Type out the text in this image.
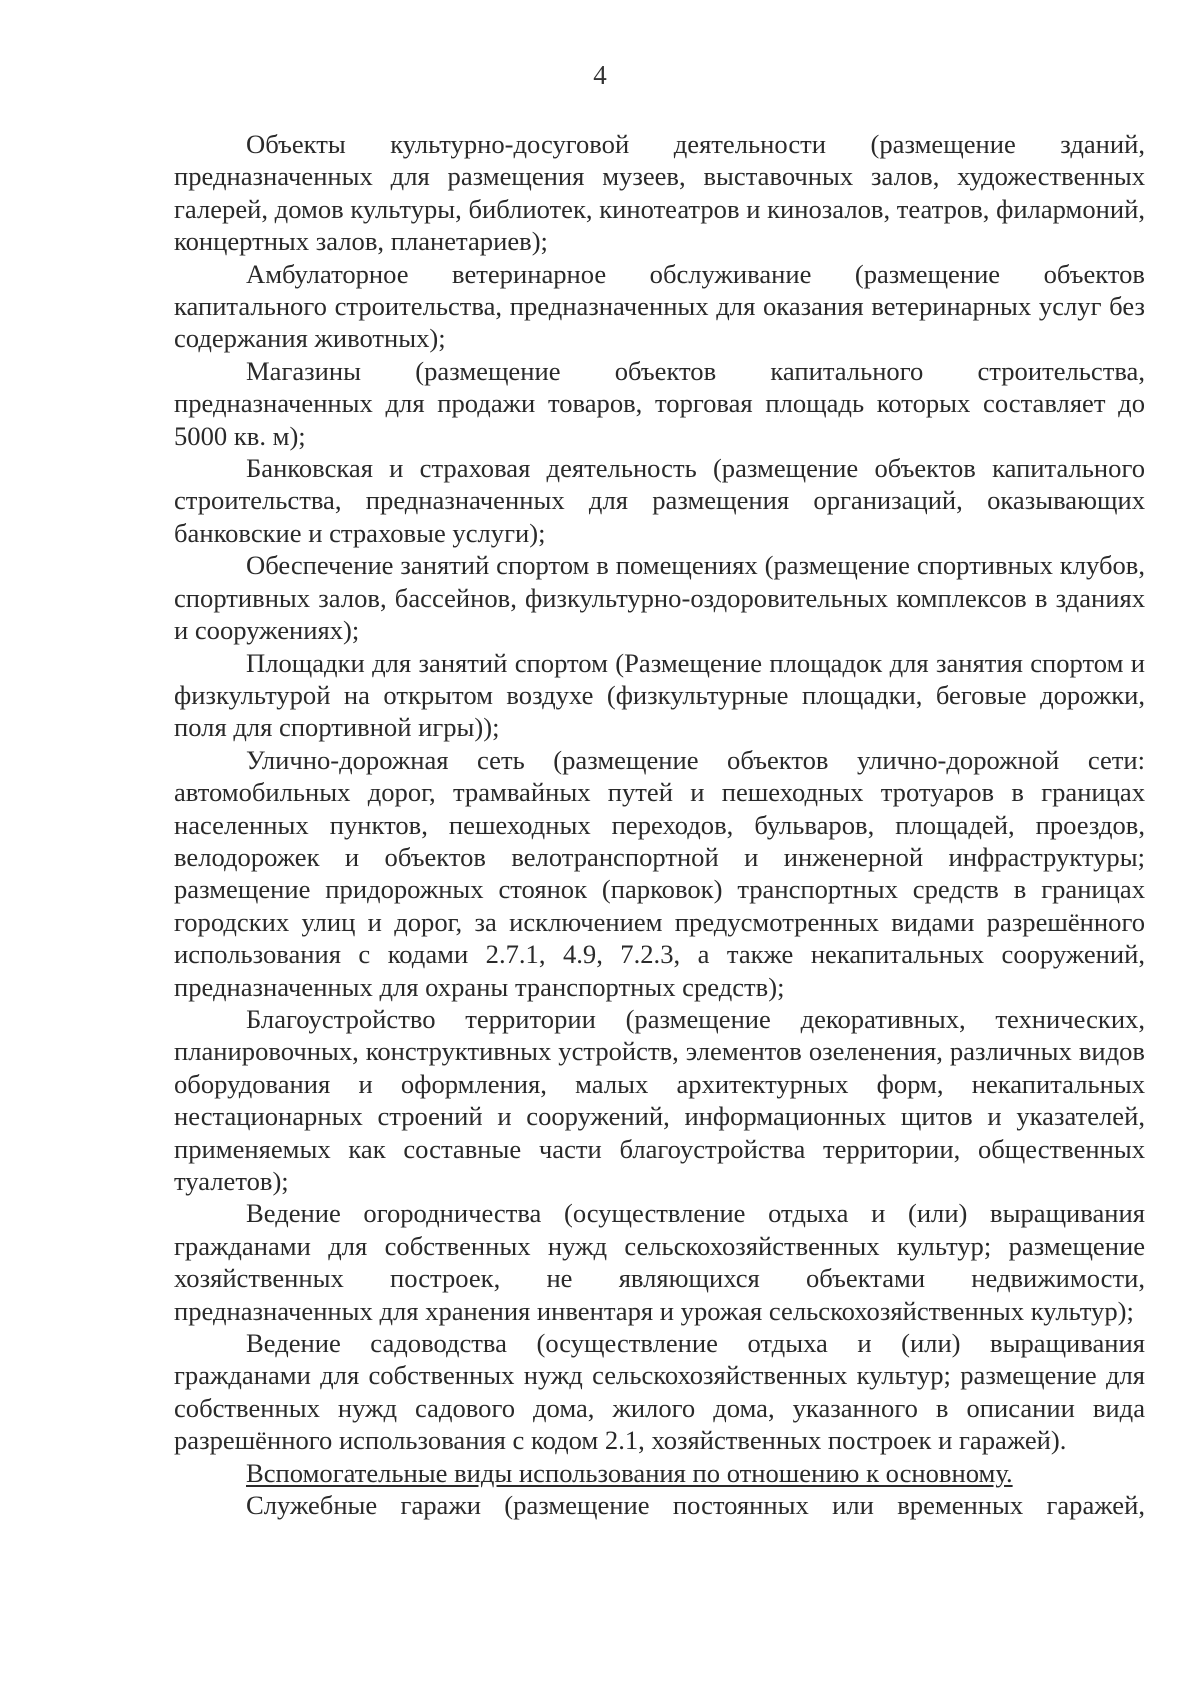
4

Объекты культурно-досуговой деятельности (размещение зданий, предназначенных для размещения музеев, выставочных залов, художественных галерей, домов культуры, библиотек, кинотеатров и кинозалов, театров, филармоний, концертных залов, планетариев);

Амбулаторное ветеринарное обслуживание (размещение объектов капитального строительства, предназначенных для оказания ветеринарных услуг без содержания животных);

Магазины (размещение объектов капитального строительства, предназначенных для продажи товаров, торговая площадь которых составляет до 5000 кв. м);

Банковская и страховая деятельность (размещение объектов капитального строительства, предназначенных для размещения организаций, оказывающих банковские и страховые услуги);

Обеспечение занятий спортом в помещениях (размещение спортивных клубов, спортивных залов, бассейнов, физкультурно-оздоровительных комплексов в зданиях и сооружениях);

Площадки для занятий спортом (Размещение площадок для занятия спортом и физкультурой на открытом воздухе (физкультурные площадки, беговые дорожки, поля для спортивной игры));

Улично-дорожная сеть (размещение объектов улично-дорожной сети: автомобильных дорог, трамвайных путей и пешеходных тротуаров в границах населенных пунктов, пешеходных переходов, бульваров, площадей, проездов, велодорожек и объектов велотранспортной и инженерной инфраструктуры; размещение придорожных стоянок (парковок) транспортных средств в границах городских улиц и дорог, за исключением предусмотренных видами разрешённого использования с кодами 2.7.1, 4.9, 7.2.3, а также некапитальных сооружений, предназначенных для охраны транспортных средств);

Благоустройство территории (размещение декоративных, технических, планировочных, конструктивных устройств, элементов озеленения, различных видов оборудования и оформления, малых архитектурных форм, некапитальных нестационарных строений и сооружений, информационных щитов и указателей, применяемых как составные части благоустройства территории, общественных туалетов);

Ведение огородничества (осуществление отдыха и (или) выращивания гражданами для собственных нужд сельскохозяйственных культур; размещение хозяйственных построек, не являющихся объектами недвижимости, предназначенных для хранения инвентаря и урожая сельскохозяйственных культур);

Ведение садоводства (осуществление отдыха и (или) выращивания гражданами для собственных нужд сельскохозяйственных культур; размещение для собственных нужд садового дома, жилого дома, указанного в описании вида разрешённого использования с кодом 2.1, хозяйственных построек и гаражей).

Вспомогательные виды использования по отношению к основному.

Служебные гаражи (размещение постоянных или временных гаражей,
